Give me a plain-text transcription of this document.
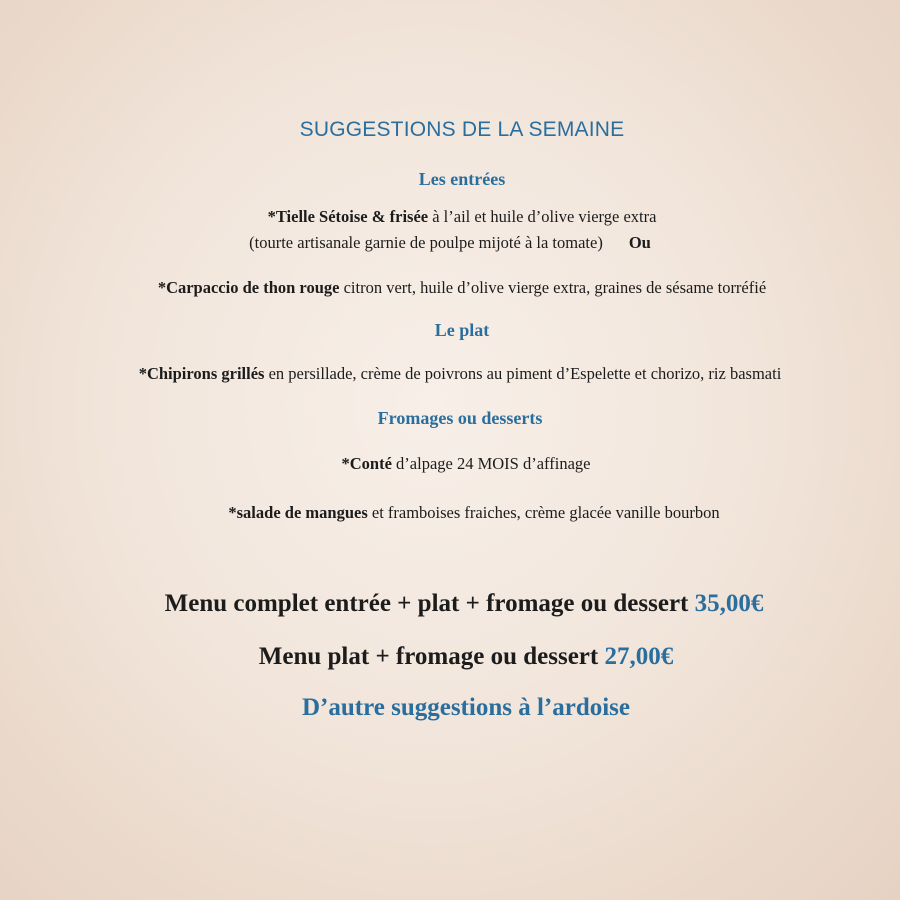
SUGGESTIONS DE LA SEMAINE
Les entrées
*Tielle Sétoise & frisée à l’ail et huile d’olive vierge extra
(tourte artisanale garnie de poulpe mijoté à la tomate) Ou
*Carpaccio de thon rouge citron vert, huile d’olive vierge extra, graines de sésame torréfié
Le plat
*Chipirons grillés en persillade, crème de poivrons au piment d’Espelette et chorizo, riz basmati
Fromages ou desserts
*Conté d’alpage 24 MOIS d’affinage
*salade de mangues et framboises fraiches, crème glacée vanille bourbon
Menu complet entrée + plat + fromage ou dessert 35,00€
Menu plat + fromage ou dessert 27,00€
D’autre suggestions à l’ardoise
